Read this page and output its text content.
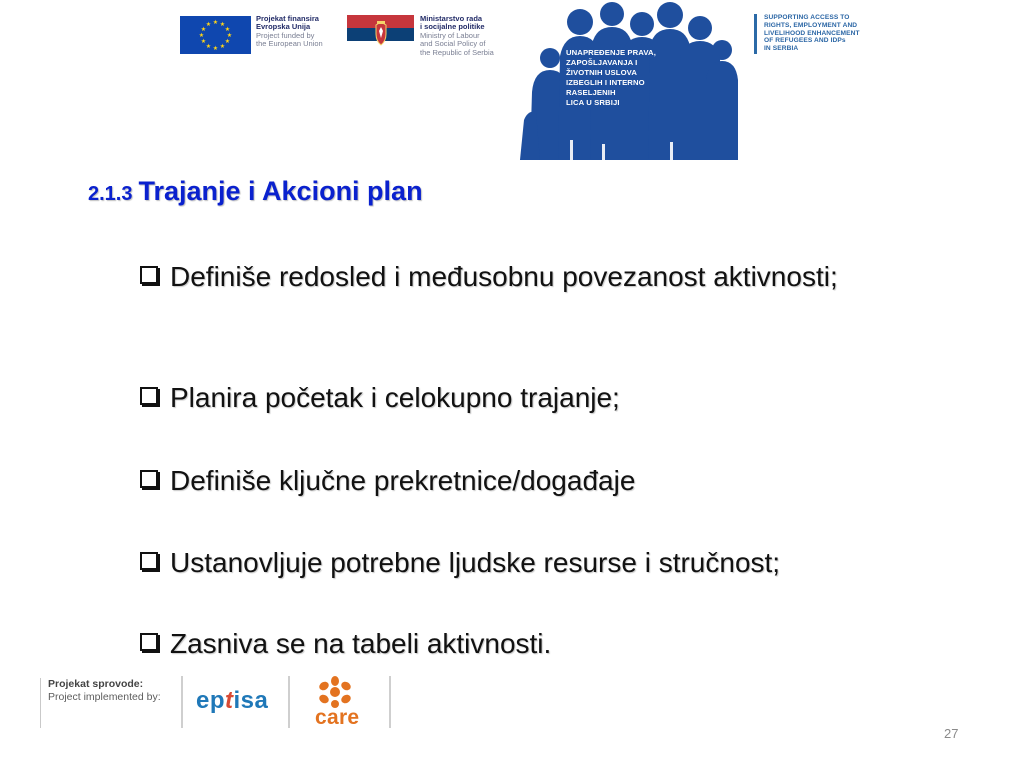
★ ★
★
★
★
★
★
★
★
★
★
★
Projekat finansira
Evropska Unija
Project funded by
the European Union
Ministarstvo rada
i socijalne politike
Ministry of Labour
and Social Policy of
the Republic of Serbia	UNAPREĐENJE PRAVA,
ZAPOŠLJAVANJA I
ŽIVOTNIH USLOVA
IZBEGLIH I INTERNO
RASELJENIH
LICA U SRBIJI
SUPPORTING ACCESS TO
RIGHTS, EMPLOYMENT AND
LIVELIHOOD ENHANCEMENT
OF REFUGEES AND IDPs
IN SERBIA
2.1.3 Trajanje i Akcioni plan
Definiše redosled i međusobnu povezanost aktivnosti;
Planira početak i celokupno trajanje;
Definiše ključne prekretnice/događaje
Ustanovljuje potrebne ljudske resurse i stručnost;
Zasniva se na tabeli aktivnosti.
Projekat sprovode:
Project implemented by: eptisa
care
27
